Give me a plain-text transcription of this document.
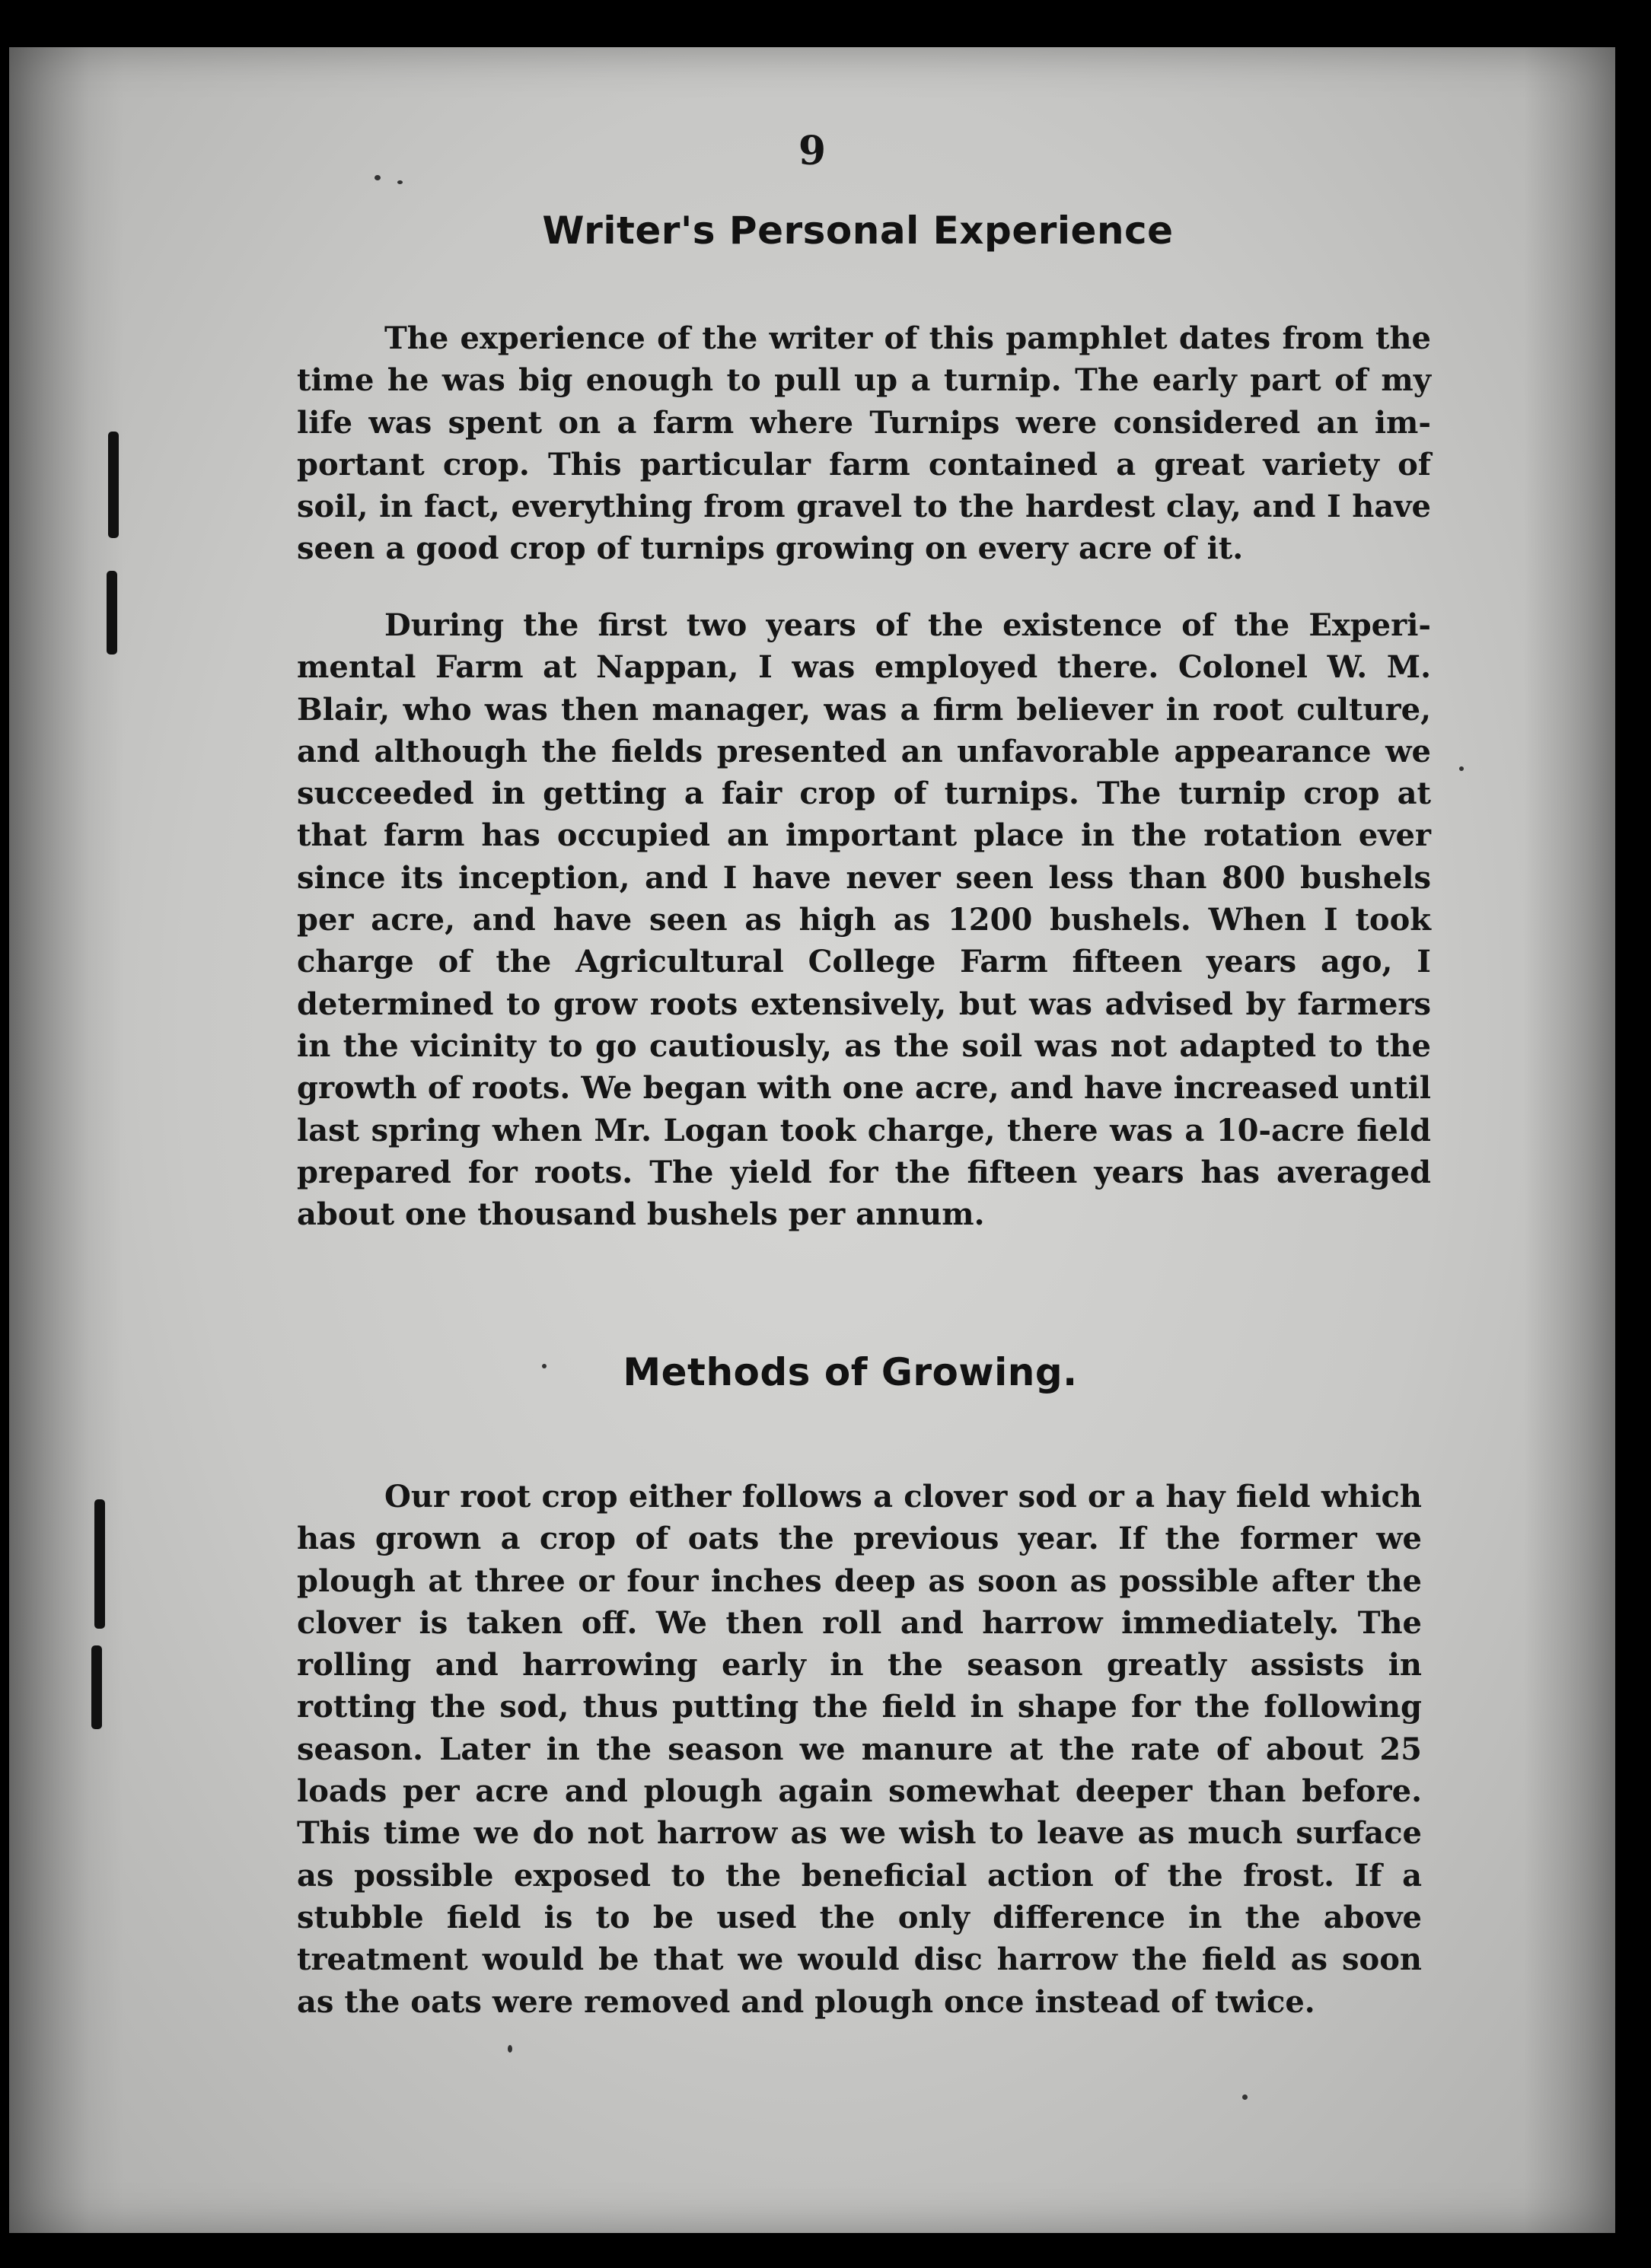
9
Writer's Personal Experience

The experience of the writer of this pamphlet dates from the time he was big enough to pull up a turnip. The early part of my life was spent on a farm where Turnips were considered an important crop. This particular farm contained a great variety of soil, in fact, everything from gravel to the hardest clay, and I have seen a good crop of turnips growing on every acre of it.

During the first two years of the existence of the Experimental Farm at Nappan, I was employed there. Colonel W. M. Blair, who was then manager, was a firm believer in root culture, and although the fields presented an unfavorable appearance we succeeded in getting a fair crop of turnips. The turnip crop at that farm has occupied an important place in the rotation ever since its inception, and I have never seen less than 800 bushels per acre, and have seen as high as 1200 bushels. When I took charge of the Agricultural College Farm fifteen years ago, I determined to grow roots extensively, but was advised by farmers in the vicinity to go cautiously, as the soil was not adapted to the growth of roots. We began with one acre, and have increased until last spring when Mr. Logan took charge, there was a 10-acre field prepared for roots. The yield for the fifteen years has averaged about one thousand bushels per annum.

Methods of Growing.

Our root crop either follows a clover sod or a hay field which has grown a crop of oats the previous year. If the former we plough at three or four inches deep as soon as possible after the clover is taken off. We then roll and harrow immediately. The rolling and harrowing early in the season greatly assists in rotting the sod, thus putting the field in shape for the following season. Later in the season we manure at the rate of about 25 loads per acre and plough again somewhat deeper than before. This time we do not harrow as we wish to leave as much surface as possible exposed to the beneficial action of the frost. If a stubble field is to be used the only difference in the above treatment would be that we would disc harrow the field as soon as the oats were removed and plough once instead of twice.
